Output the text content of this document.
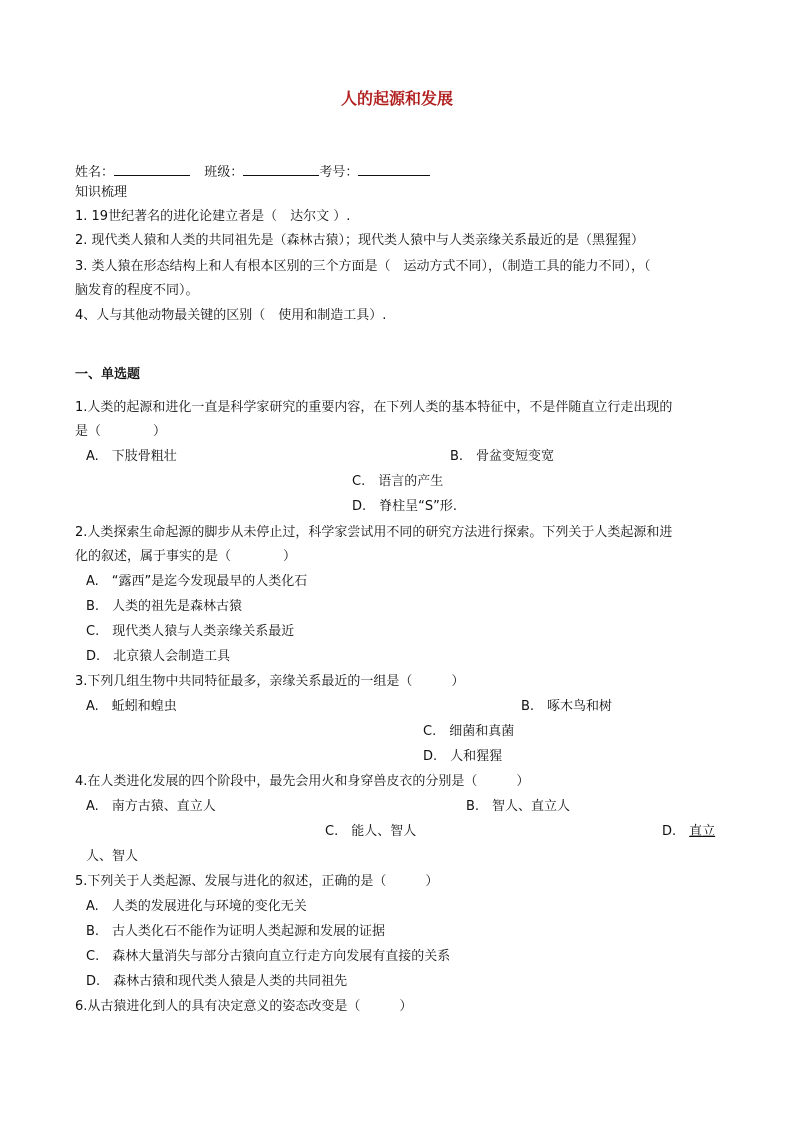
人的起源和发展
姓名：	班级：	考号：
知识梳理
1. 19世纪著名的进化论建立者是（　达尔文 ）.
2. 现代类人猿和人类的共同祖先是（森林古猿）；现代类人猿中与人类亲缘关系最近的是（黑猩猩）
3. 类人猿在形态结构上和人有根本区别的三个方面是（　运动方式不同），（制造工具的能力不同），（
脑发育的程度不同）。
4、人与其他动物最关键的区别（　使用和制造工具）.
一、单选题
1.人类的起源和进化一直是科学家研究的重要内容，在下列人类的基本特征中，不是伴随直立行走出现的
是（　　　　）
A.　下肢骨粗壮	B.　骨盆变短变宽
C.　语言的产生
D.　脊柱呈“S”形.
2.人类探索生命起源的脚步从未停止过，科学家尝试用不同的研究方法进行探索。下列关于人类起源和进
化的叙述，属于事实的是（　　　　）
A.　“露西”是迄今发现最早的人类化石
B.　人类的祖先是森林古猿
C.　现代类人猿与人类亲缘关系最近
D.　北京猿人会制造工具
3.下列几组生物中共同特征最多，亲缘关系最近的一组是（　　　）
A.　蚯蚓和蝗虫	B.　啄木鸟和树
C.　细菌和真菌
D.　人和猩猩
4.在人类进化发展的四个阶段中，最先会用火和身穿兽皮衣的分别是（　　　）
A.　南方古猿、直立人	B.　智人、直立人
C.　能人、智人	D.　直立
人、智人
5.下列关于人类起源、发展与进化的叙述，正确的是（　　　）
A.　人类的发展进化与环境的变化无关
B.　古人类化石不能作为证明人类起源和发展的证据
C.　森林大量消失与部分古猿向直立行走方向发展有直接的关系
D.　森林古猿和现代类人猿是人类的共同祖先
6.从古猿进化到人的具有决定意义的姿态改变是（　　　）
